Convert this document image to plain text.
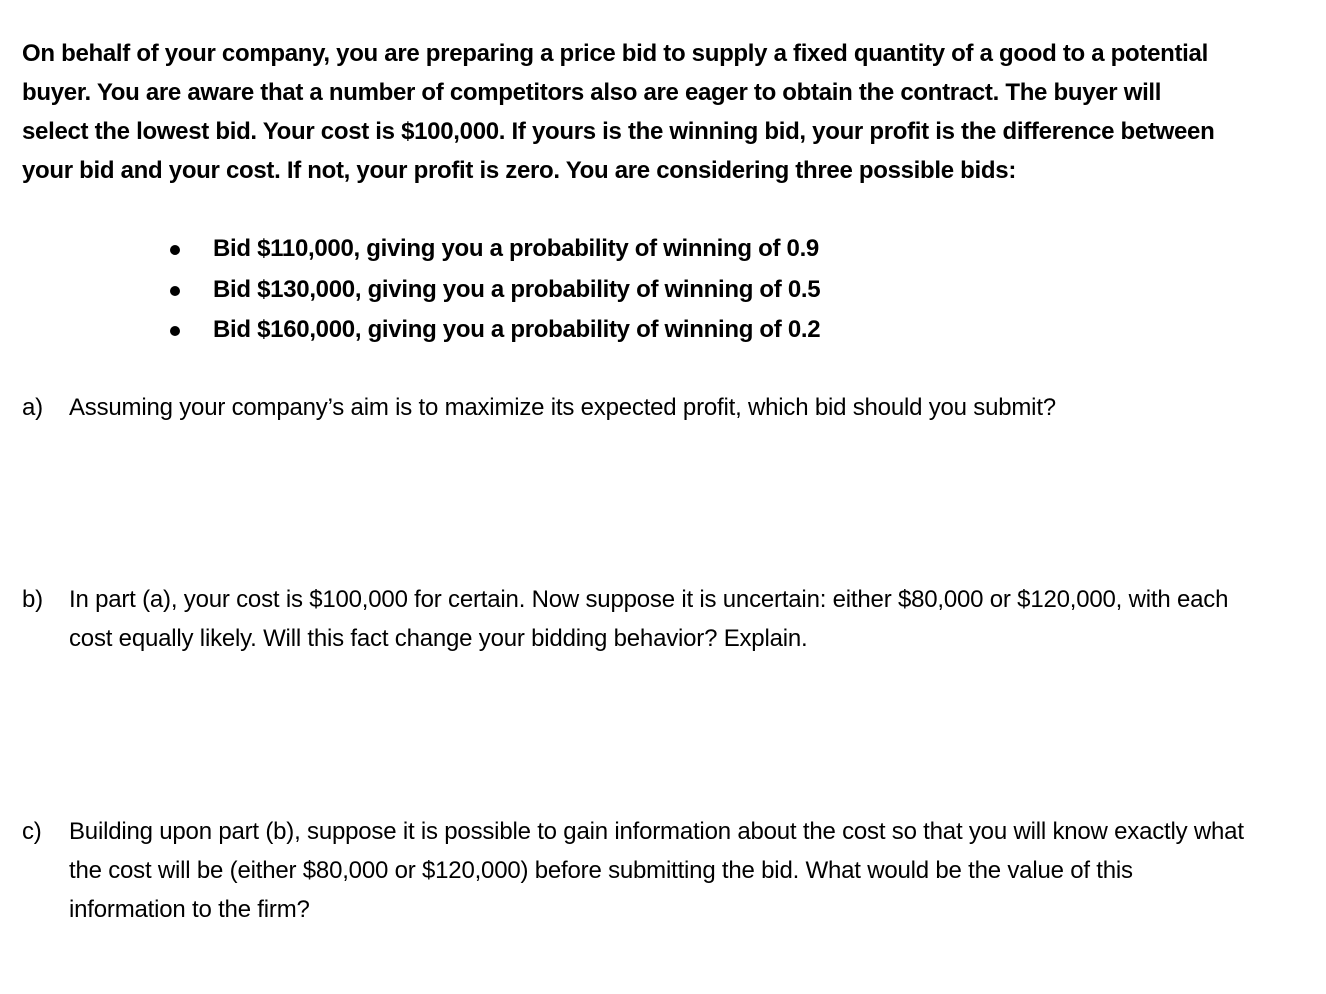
On behalf of your company, you are preparing a price bid to supply a fixed quantity of a good to a potential buyer. You are aware that a number of competitors also are eager to obtain the contract. The buyer will select the lowest bid. Your cost is $100,000. If yours is the winning bid, your profit is the difference between your bid and your cost. If not, your profit is zero. You are considering three possible bids:

Bid $110,000, giving you a probability of winning of 0.9
Bid $130,000, giving you a probability of winning of 0.5
Bid $160,000, giving you a probability of winning of 0.2
a) Assuming your company’s aim is to maximize its expected profit, which bid should you submit?
b) In part (a), your cost is $100,000 for certain. Now suppose it is uncertain: either $80,000 or $120,000, with each cost equally likely. Will this fact change your bidding behavior? Explain.
c) Building upon part (b), suppose it is possible to gain information about the cost so that you will know exactly what the cost will be (either $80,000 or $120,000) before submitting the bid. What would be the value of this information to the firm?
